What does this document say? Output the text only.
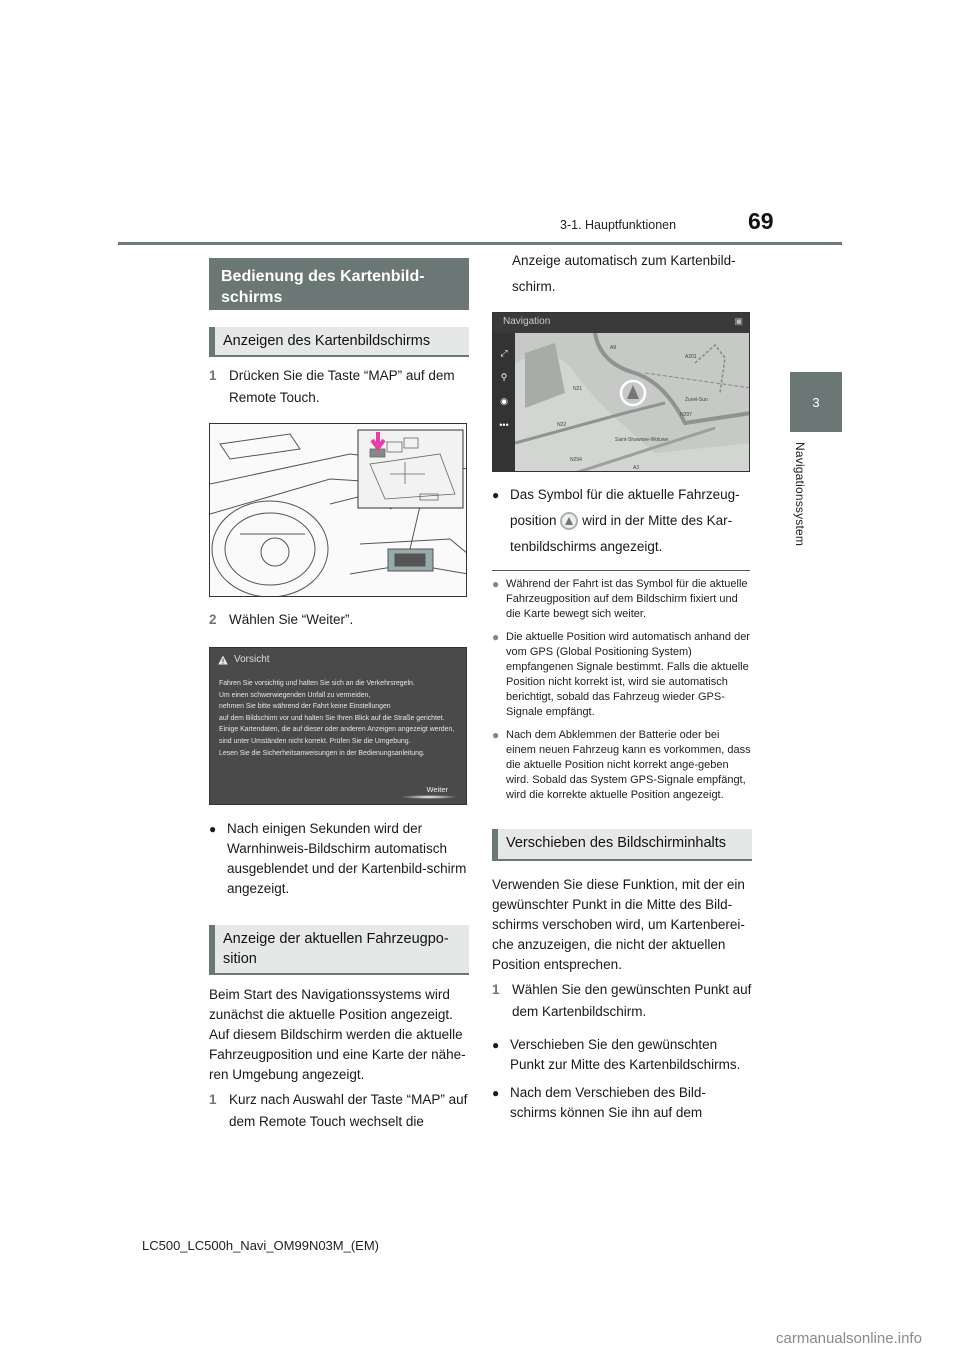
3-1. Hauptfunktionen	69
3
Navigationssystem
Bedienung des Kartenbild-schirms
Anzeigen des Kartenbildschirms
1 Drücken Sie die Taste “MAP” auf dem Remote Touch.
2 Wählen Sie “Weiter”.
Vorsicht
Fahren Sie vorsichtig und halten Sie sich an die Verkehrsregeln.
Um einen schwerwiegenden Unfall zu vermeiden,
nehmen Sie bitte während der Fahrt keine Einstellungen
auf dem Bildschirm vor und halten Sie Ihren Blick auf die Straße gerichtet.
Einige Kartendaten, die auf dieser oder anderen Anzeigen angezeigt werden,
sind unter Umständen nicht korrekt. Prüfen Sie die Umgebung.
Lesen Sie die Sicherheitsanweisungen in der Bedienungsanleitung.
Weiter
● Nach einigen Sekunden wird der Warnhinweis-Bildschirm automatisch ausgeblendet und der Kartenbild-schirm angezeigt.
Anzeige der aktuellen Fahrzeugpo-sition
Beim Start des Navigationssystems wird zunächst die aktuelle Position angezeigt. Auf diesem Bildschirm werden die aktuelle Fahrzeugposition und eine Karte der nähe-ren Umgebung angezeigt.
1 Kurz nach Auswahl der Taste “MAP” auf dem Remote Touch wechselt die
Anzeige automatisch zum Kartenbild-schirm.
Navigation	▣
⤢
⚲
◉
•••
A8
A201
N21
N22
N294
N297
A3
Zuvel-Sun
Saint-Shawnee-Woluwe
● Das Symbol für die aktuelle Fahrzeug-position wird in der Mitte des Kar-tenbildschirms angezeigt.
● Während der Fahrt ist das Symbol für die aktuelle Fahrzeugposition auf dem Bildschirm fixiert und die Karte bewegt sich weiter.
● Die aktuelle Position wird automatisch anhand der vom GPS (Global Positioning System) empfangenen Signale bestimmt. Falls die aktuelle Position nicht korrekt ist, wird sie automatisch berichtigt, sobald das Fahrzeug wieder GPS-Signale empfängt.
● Nach dem Abklemmen der Batterie oder bei einem neuen Fahrzeug kann es vorkommen, dass die aktuelle Position nicht korrekt ange-geben wird. Sobald das System GPS-Signale empfängt, wird die korrekte aktuelle Position angezeigt.
Verschieben des Bildschirminhalts
Verwenden Sie diese Funktion, mit der ein gewünschter Punkt in die Mitte des Bild-schirms verschoben wird, um Kartenberei-che anzuzeigen, die nicht der aktuellen Position entsprechen.
1 Wählen Sie den gewünschten Punkt auf dem Kartenbildschirm.
● Verschieben Sie den gewünschten Punkt zur Mitte des Kartenbildschirms.
● Nach dem Verschieben des Bild-schirms können Sie ihn auf dem
LC500_LC500h_Navi_OM99N03M_(EM)
carmanualsonline.info
